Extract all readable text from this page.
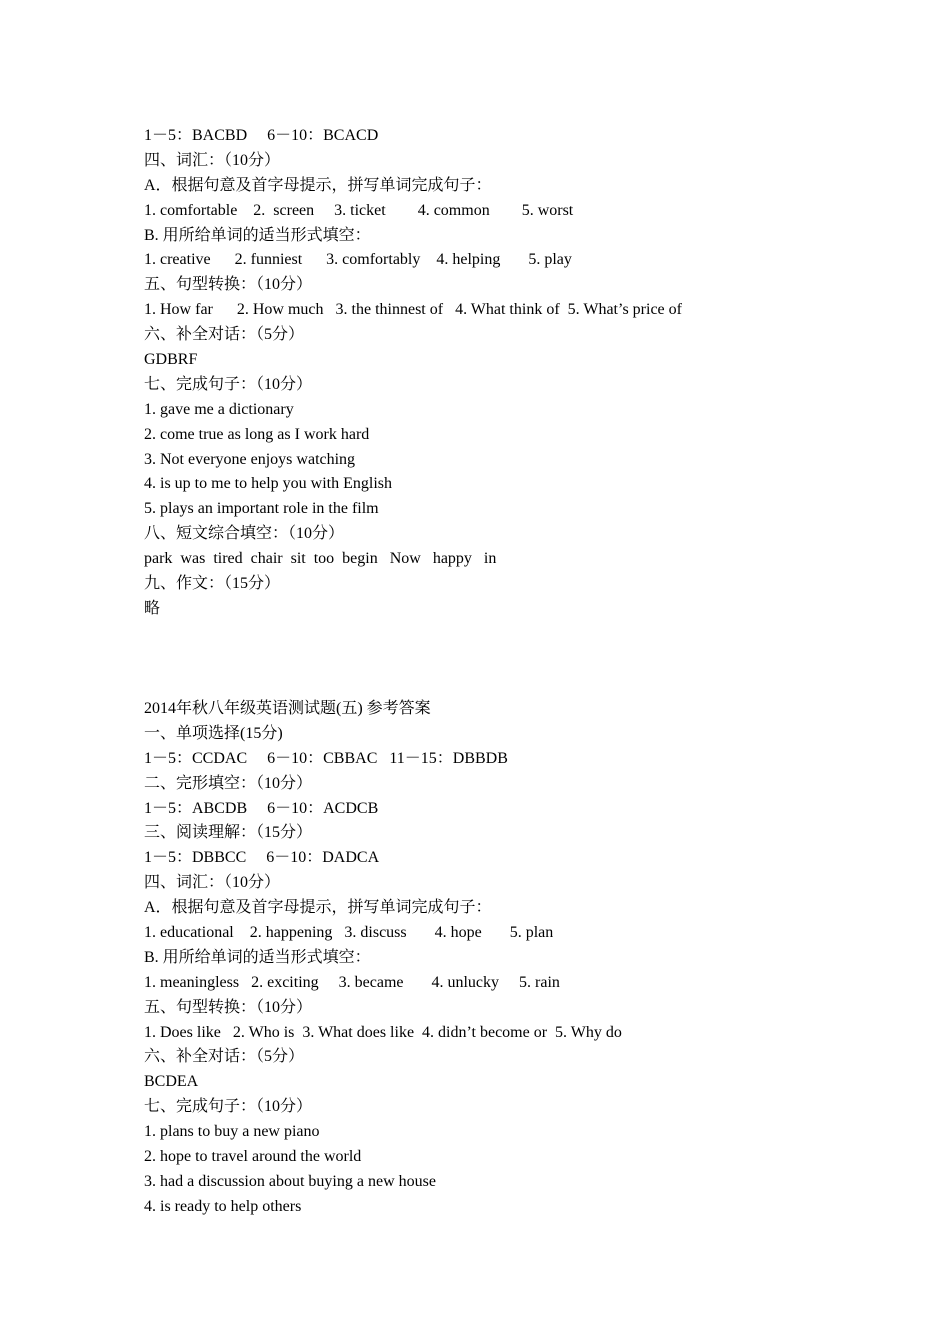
1－5：BACBD     6－10：BCACD
四、词汇：（10分）
A．根据句意及首字母提示，拼写单词完成句子：
1. comfortable    2.  screen     3. ticket        4. common        5. worst
B. 用所给单词的适当形式填空：
1. creative      2. funniest      3. comfortably    4. helping       5. play
五、句型转换：（10分）
1. How far      2. How much   3. the thinnest of   4. What think of  5. What’s price of
六、补全对话：（5分）
GDBRF
七、完成句子：（10分）
1. gave me a dictionary
2. come true as long as I work hard
3. Not everyone enjoys watching
4. is up to me to help you with English
5. plays an important role in the film
八、短文综合填空：（10分）
park  was  tired  chair  sit  too  begin   Now   happy   in
九、作文：（15分）
略
2014年秋八年级英语测试题(五) 参考答案
一、单项选择(15分)
1－5：CCDAC     6－10：CBBAC   11－15：DBBDB
二、完形填空：（10分）
1－5：ABCDB     6－10：ACDCB
三、阅读理解：（15分）
1－5：DBBCC     6－10：DADCA
四、词汇：（10分）
A．根据句意及首字母提示，拼写单词完成句子：
1. educational    2. happening   3. discuss       4. hope       5. plan
B. 用所给单词的适当形式填空：
1. meaningless   2. exciting     3. became       4. unlucky     5. rain
五、句型转换：（10分）
1. Does like   2. Who is  3. What does like  4. didn’t become or  5. Why do
六、补全对话：（5分）
BCDEA
七、完成句子：（10分）
1. plans to buy a new piano
2. hope to travel around the world
3. had a discussion about buying a new house
4. is ready to help others
